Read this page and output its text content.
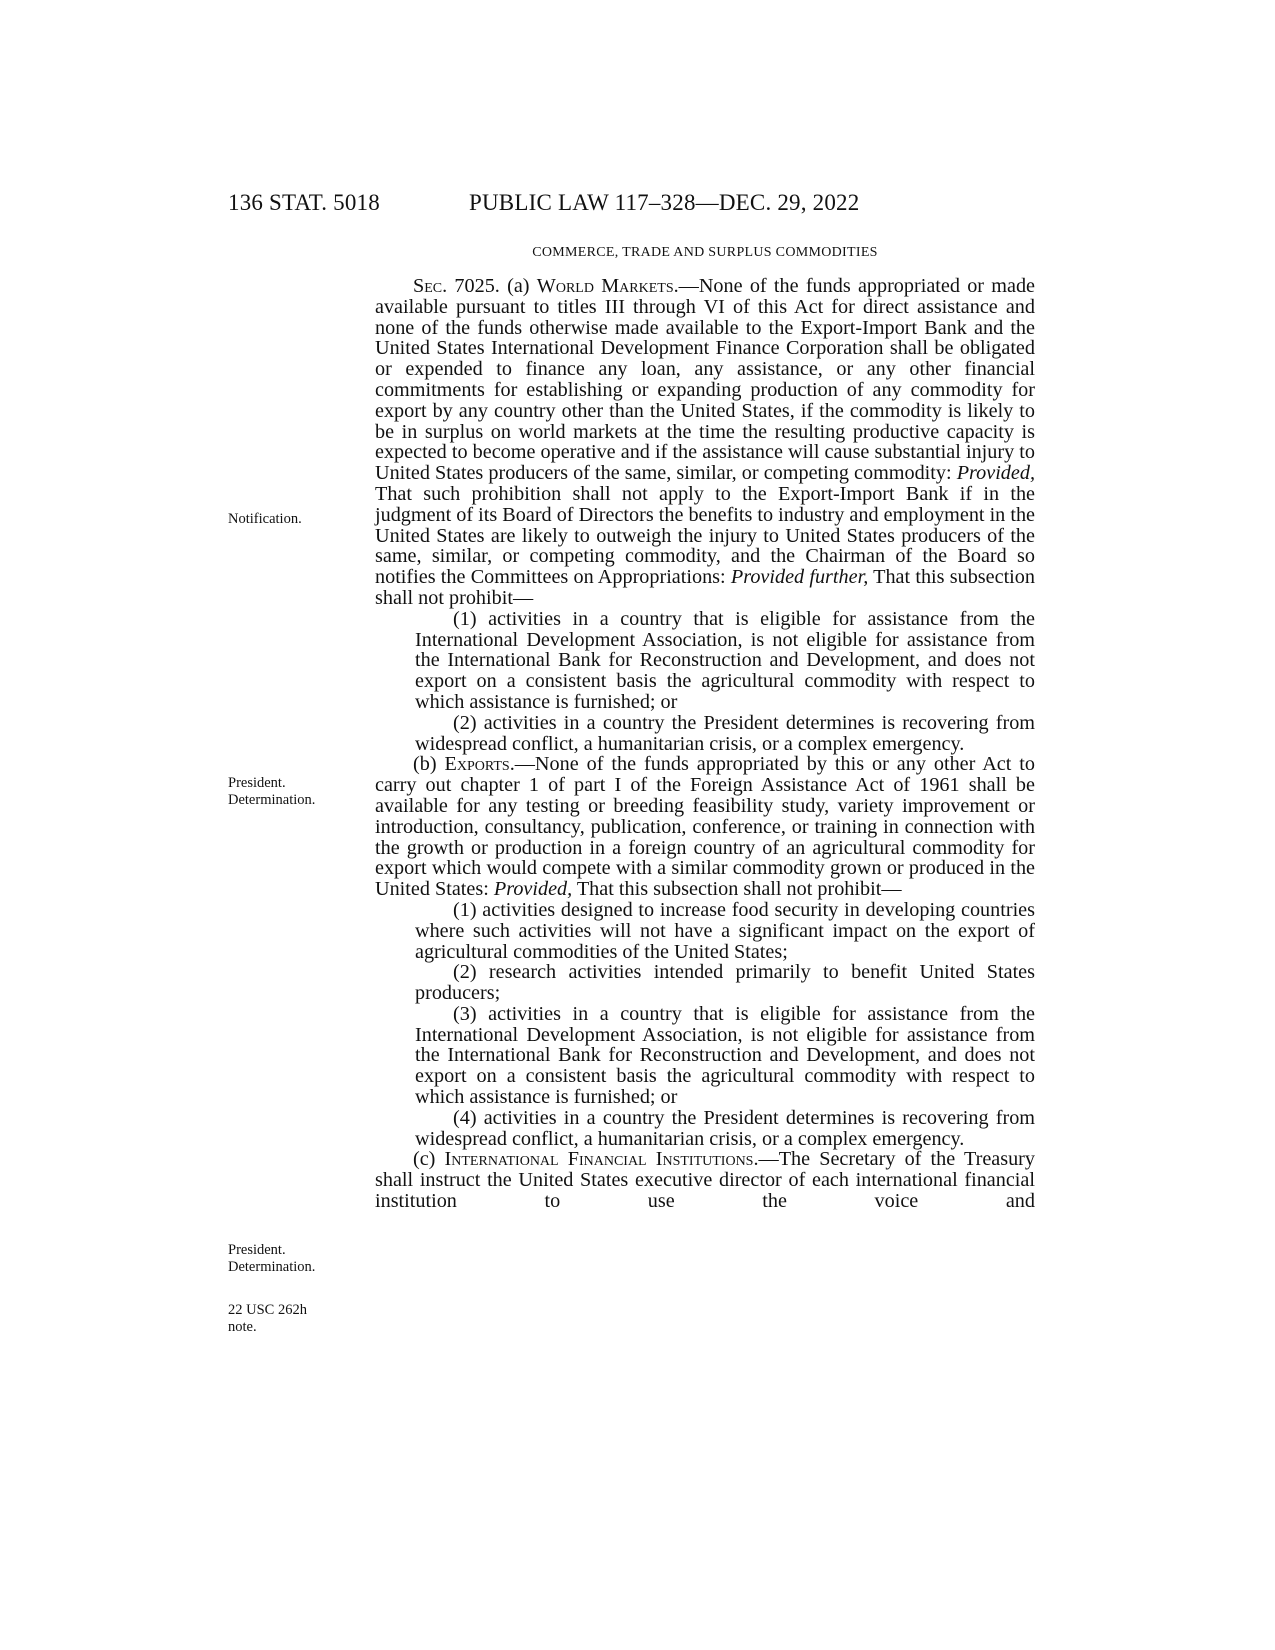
136 STAT. 5018	PUBLIC LAW 117–328—DEC. 29, 2022
COMMERCE, TRADE AND SURPLUS COMMODITIES
Notification.
President.
Determination.
President.
Determination.
22 USC 262h
note.

Sec. 7025. (a) World Markets.—None of the funds appropriated or made available pursuant to titles III through VI of this Act for direct assistance and none of the funds otherwise made available to the Export-Import Bank and the United States International Development Finance Corporation shall be obligated or expended to finance any loan, any assistance, or any other financial commitments for establishing or expanding production of any commodity for export by any country other than the United States, if the commodity is likely to be in surplus on world markets at the time the resulting productive capacity is expected to become operative and if the assistance will cause substantial injury to United States producers of the same, similar, or competing commodity: Provided, That such prohibition shall not apply to the Export-Import Bank if in the judgment of its Board of Directors the benefits to industry and employment in the United States are likely to outweigh the injury to United States producers of the same, similar, or competing commodity, and the Chairman of the Board so notifies the Committees on Appropriations: Provided further, That this subsection shall not prohibit—

(1) activities in a country that is eligible for assistance from the International Development Association, is not eligible for assistance from the International Bank for Reconstruction and Development, and does not export on a consistent basis the agricultural commodity with respect to which assistance is furnished; or

(2) activities in a country the President determines is recovering from widespread conflict, a humanitarian crisis, or a complex emergency.

(b) Exports.—None of the funds appropriated by this or any other Act to carry out chapter 1 of part I of the Foreign Assistance Act of 1961 shall be available for any testing or breeding feasibility study, variety improvement or introduction, consultancy, publication, conference, or training in connection with the growth or production in a foreign country of an agricultural commodity for export which would compete with a similar commodity grown or produced in the United States: Provided, That this subsection shall not prohibit—

(1) activities designed to increase food security in developing countries where such activities will not have a significant impact on the export of agricultural commodities of the United States;

(2) research activities intended primarily to benefit United States producers;

(3) activities in a country that is eligible for assistance from the International Development Association, is not eligible for assistance from the International Bank for Reconstruction and Development, and does not export on a consistent basis the agricultural commodity with respect to which assistance is furnished; or

(4) activities in a country the President determines is recovering from widespread conflict, a humanitarian crisis, or a complex emergency.

(c) International Financial Institutions.—The Secretary of the Treasury shall instruct the United States executive director of each international financial institution to use the voice and
